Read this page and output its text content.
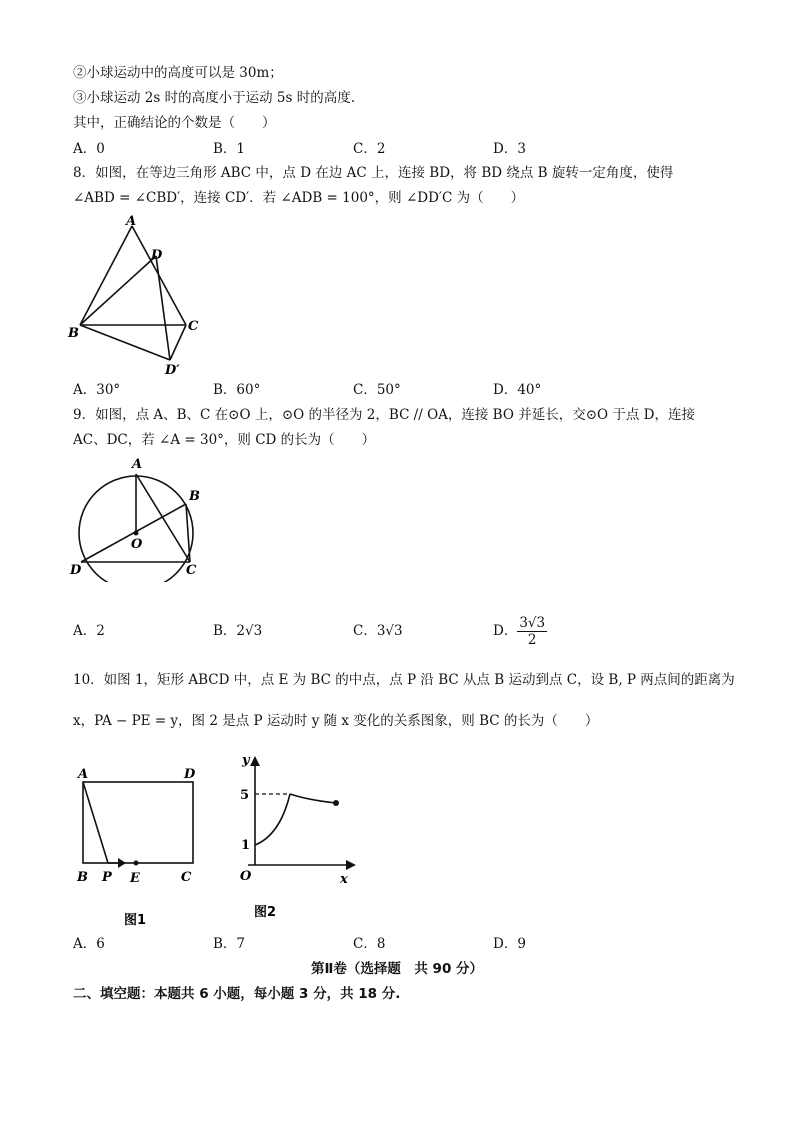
②小球运动中的高度可以是 30m；
③小球运动 2s 时的高度小于运动 5s 时的高度.
其中，正确结论的个数是（　　）
A．0	B．1	C．2	D．3
8．如图，在等边三角形 ABC 中，点 D 在边 AC 上，连接 BD，将 BD 绕点 B 旋转一定角度，使得
∠ABD = ∠CBD′，连接 CD′．若 ∠ADB = 100°，则 ∠DD′C 为（　　）
A
D
B	C
D′
A．30°	B．60°	C．50°	D．40°
9．如图，点 A、B、C 在⊙O 上，⊙O 的半径为 2，BC // OA，连接 BO 并延长，交⊙O 于点 D，连接
AC、DC，若 ∠A = 30°，则 CD 的长为（　　）
A
B
O
D	C
A．2	B．2√3	C．3√3	D． $\frac{3√3}{2}$
10．如图 1，矩形 ABCD 中，点 E 为 BC 的中点，点 P 沿 BC 从点 B 运动到点 C，设 B, P 两点间的距离为
x，PA − PE = y，图 2 是点 P 运动时 y 随 x 变化的关系图象，则 BC 的长为（　　）
A	D
B P E	C
图1
y
x
O
5
1
图2
A．6	B．7	C．8	D．9
第Ⅱ卷（选择题　共 90 分）
二、填空题：本题共 6 小题，每小题 3 分，共 18 分.
